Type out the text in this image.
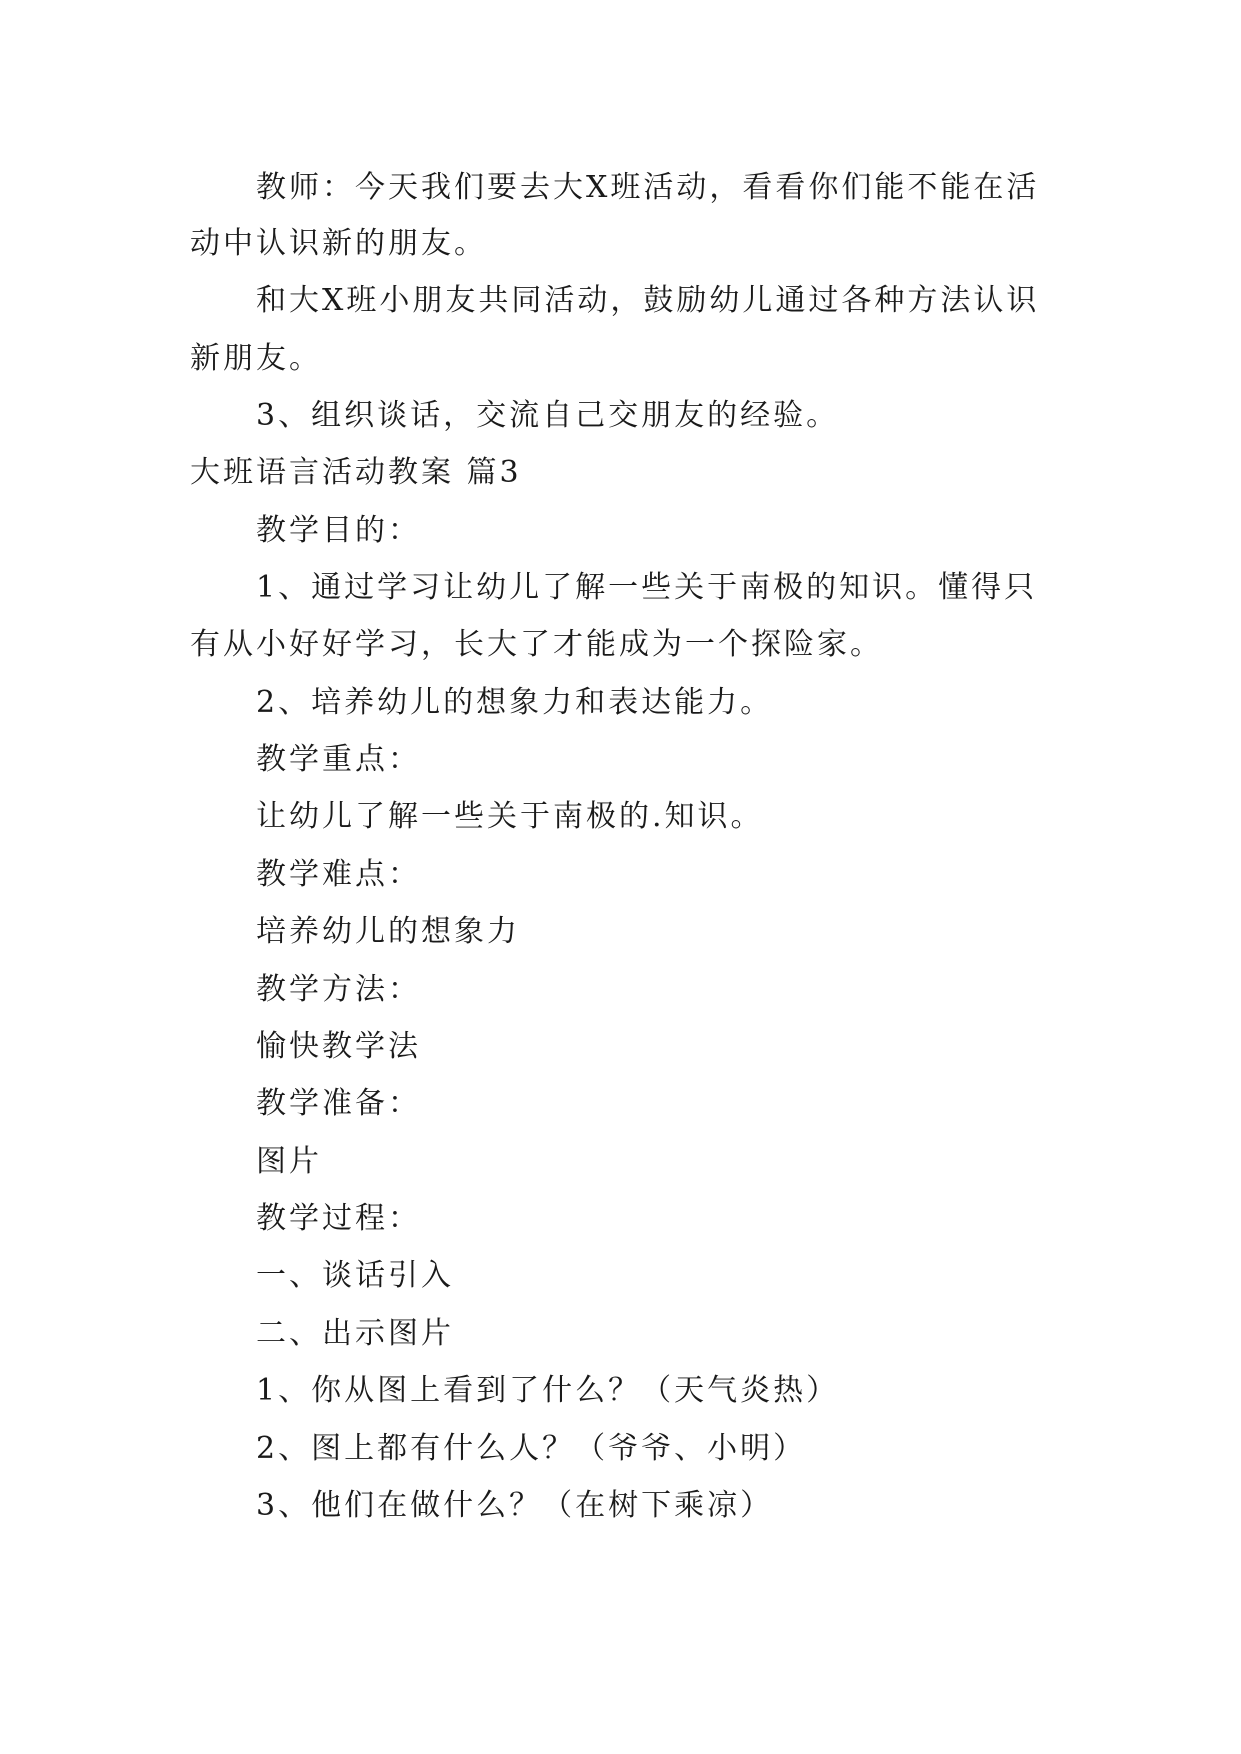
教师：今天我们要去大X班活动，看看你们能不能在活
动中认识新的朋友。
和大X班小朋友共同活动，鼓励幼儿通过各种方法认识
新朋友。
3、组织谈话，交流自己交朋友的经验。
大班语言活动教案 篇3
教学目的：
1、通过学习让幼儿了解一些关于南极的知识。懂得只
有从小好好学习，长大了才能成为一个探险家。
2、培养幼儿的想象力和表达能力。
教学重点：
让幼儿了解一些关于南极的.知识。
教学难点：
培养幼儿的想象力
教学方法：
愉快教学法
教学准备：
图片
教学过程：
一、谈话引入
二、出示图片
1、你从图上看到了什么？（天气炎热）
2、图上都有什么人？（爷爷、小明）
3、他们在做什么？（在树下乘凉）
